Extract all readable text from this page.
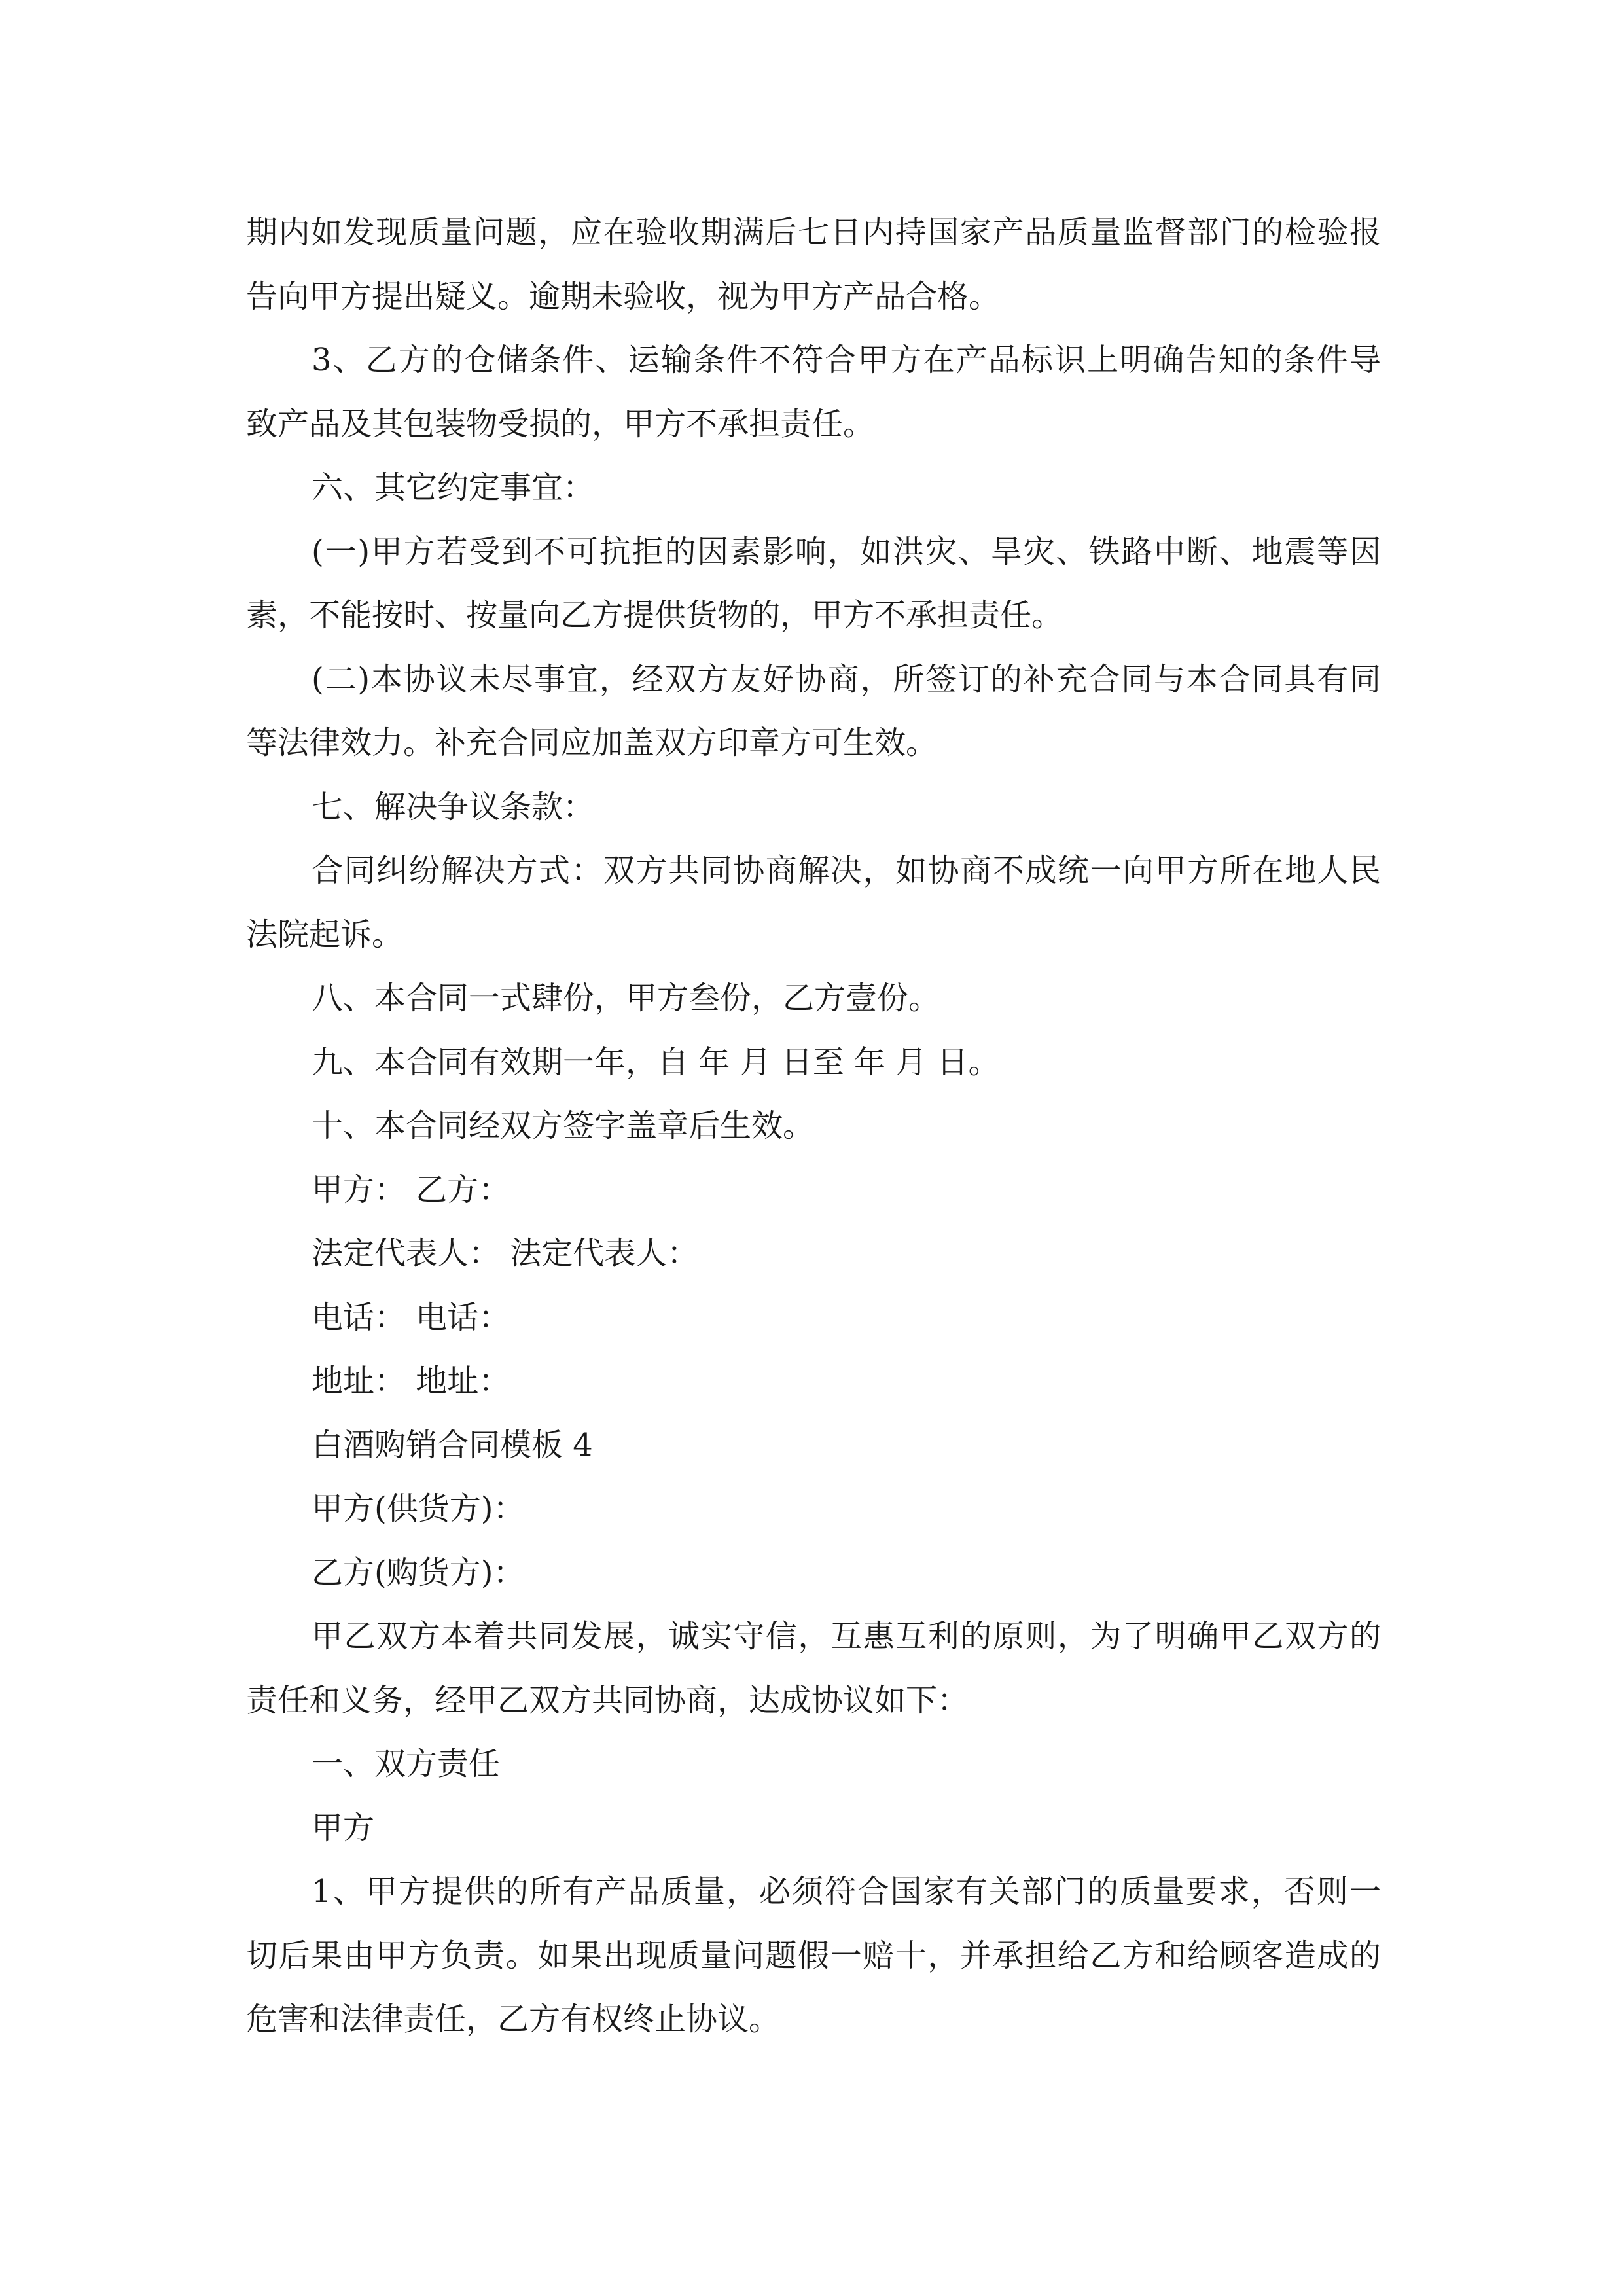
期内如发现质量问题，应在验收期满后七日内持国家产品质量监督部门的检验报
告向甲方提出疑义。逾期未验收，视为甲方产品合格。
3、乙方的仓储条件、运输条件不符合甲方在产品标识上明确告知的条件导
致产品及其包装物受损的，甲方不承担责任。
六、其它约定事宜：
(一)甲方若受到不可抗拒的因素影响，如洪灾、旱灾、铁路中断、地震等因
素，不能按时、按量向乙方提供货物的，甲方不承担责任。
(二)本协议未尽事宜，经双方友好协商，所签订的补充合同与本合同具有同
等法律效力。补充合同应加盖双方印章方可生效。
七、解决争议条款：
合同纠纷解决方式：双方共同协商解决，如协商不成统一向甲方所在地人民
法院起诉。
八、本合同一式肆份，甲方叁份，乙方壹份。
九、本合同有效期一年，自 年 月 日至 年 月 日。
十、本合同经双方签字盖章后生效。
甲方： 乙方：
法定代表人： 法定代表人：
电话： 电话：
地址： 地址：
白酒购销合同模板 4
甲方(供货方)：
乙方(购货方)：
甲乙双方本着共同发展，诚实守信，互惠互利的原则，为了明确甲乙双方的
责任和义务，经甲乙双方共同协商，达成协议如下：
一、双方责任
甲方
1、甲方提供的所有产品质量，必须符合国家有关部门的质量要求，否则一
切后果由甲方负责。如果出现质量问题假一赔十，并承担给乙方和给顾客造成的
危害和法律责任，乙方有权终止协议。
